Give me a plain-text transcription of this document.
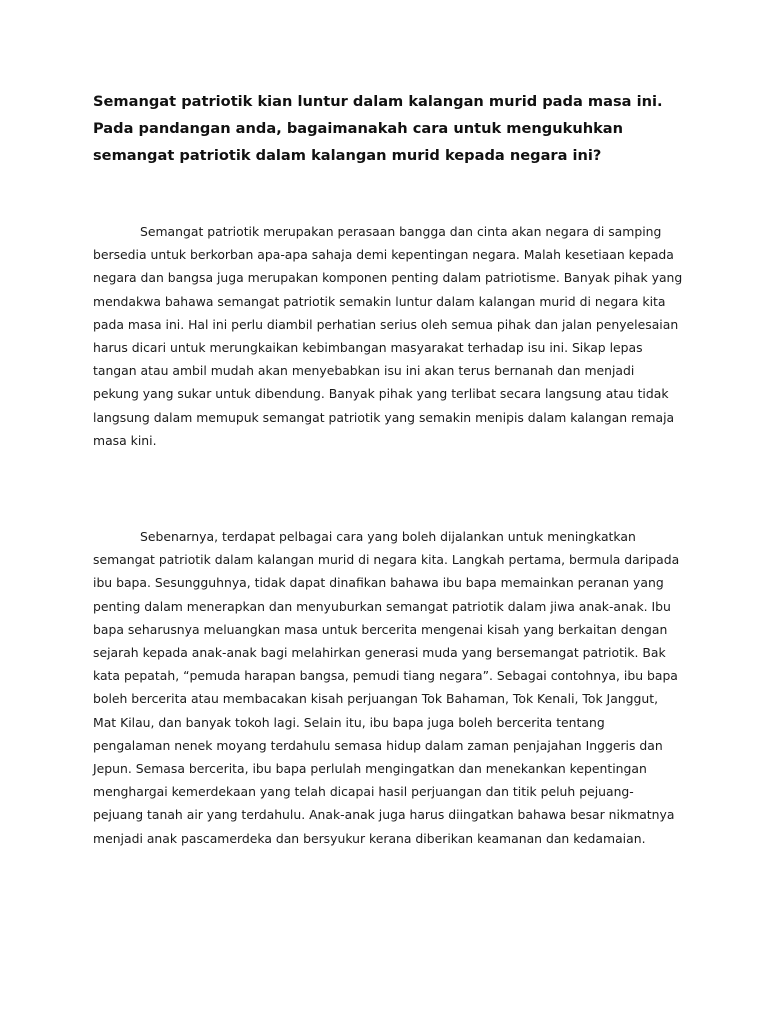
Semangat patriotik kian luntur dalam kalangan murid pada masa ini. Pada pandangan anda, bagaimanakah cara untuk mengukuhkan semangat patriotik dalam kalangan murid kepada negara ini?

Semangat patriotik merupakan perasaan bangga dan cinta akan negara di samping bersedia untuk berkorban apa-apa sahaja demi kepentingan negara. Malah kesetiaan kepada negara dan bangsa juga merupakan komponen penting dalam patriotisme. Banyak pihak yang mendakwa bahawa semangat patriotik semakin luntur dalam kalangan murid di negara kita pada masa ini. Hal ini perlu diambil perhatian serius oleh semua pihak dan jalan penyelesaian harus dicari untuk merungkaikan kebimbangan masyarakat terhadap isu ini. Sikap lepas tangan atau ambil mudah akan menyebabkan isu ini akan terus bernanah dan menjadi pekung yang sukar untuk dibendung. Banyak pihak yang terlibat secara langsung atau tidak langsung dalam memupuk semangat patriotik yang semakin menipis dalam kalangan remaja masa kini.

Sebenarnya, terdapat pelbagai cara yang boleh dijalankan untuk meningkatkan semangat patriotik dalam kalangan murid di negara kita. Langkah pertama, bermula daripada ibu bapa. Sesungguhnya, tidak dapat dinafikan bahawa ibu bapa memainkan peranan yang penting dalam menerapkan dan menyuburkan semangat patriotik dalam jiwa anak-anak. Ibu bapa seharusnya meluangkan masa untuk bercerita mengenai kisah yang berkaitan dengan sejarah kepada anak-anak bagi melahirkan generasi muda yang bersemangat patriotik. Bak kata pepatah, “pemuda harapan bangsa, pemudi tiang negara”. Sebagai contohnya, ibu bapa boleh bercerita atau membacakan kisah perjuangan Tok Bahaman, Tok Kenali, Tok Janggut, Mat Kilau, dan banyak tokoh lagi. Selain itu, ibu bapa juga boleh bercerita tentang pengalaman nenek moyang terdahulu semasa hidup dalam zaman penjajahan Inggeris dan Jepun. Semasa bercerita, ibu bapa perlulah mengingatkan dan menekankan kepentingan menghargai kemerdekaan yang telah dicapai hasil perjuangan dan titik peluh pejuang-pejuang tanah air yang terdahulu. Anak-anak juga harus diingatkan bahawa besar nikmatnya menjadi anak pascamerdeka dan bersyukur kerana diberikan keamanan dan kedamaian.
